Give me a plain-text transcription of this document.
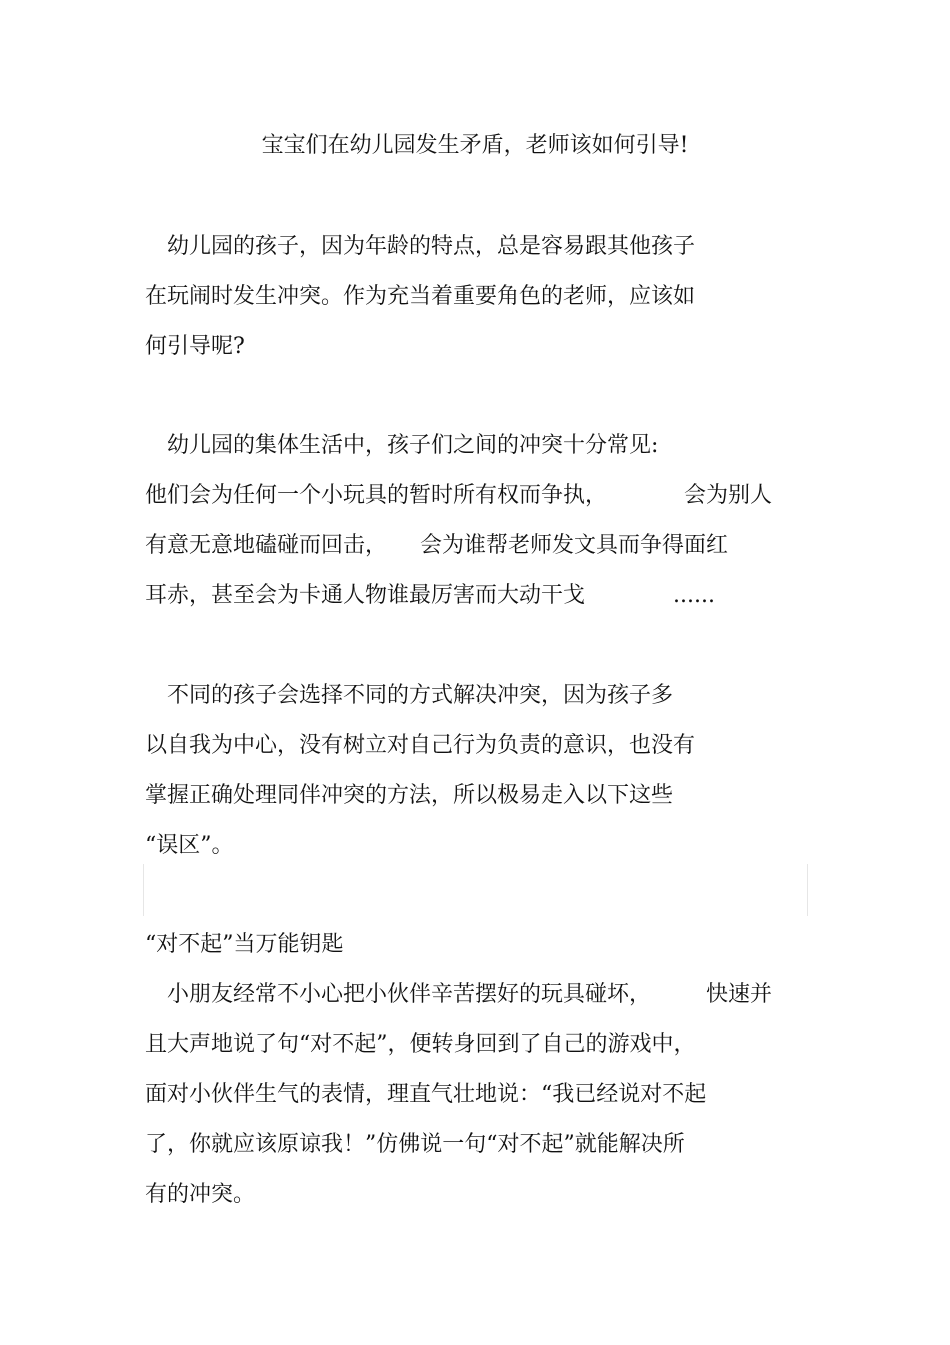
宝宝们在幼儿园发生矛盾，老师该如何引导!

　幼儿园的孩子，因为年龄的特点，总是容易跟其他孩子

在玩闹时发生冲突。作为充当着重要角色的老师，应该如

何引导呢?

　幼儿园的集体生活中，孩子们之间的冲突十分常见:

他们会为任何一个小玩具的暂时所有权而争执，　　　　会为别人

有意无意地磕碰而回击，　　会为谁帮老师发文具而争得面红

耳赤，甚至会为卡通人物谁最厉害而大动干戈　　　　......

　不同的孩子会选择不同的方式解决冲突，因为孩子多

以自我为中心，没有树立对自己行为负责的意识，也没有

掌握正确处理同伴冲突的方法，所以极易走入以下这些

“误区”。

“对不起”当万能钥匙

　小朋友经常不小心把小伙伴辛苦摆好的玩具碰坏，　　　快速并

且大声地说了句“对不起”，便转身回到了自己的游戏中，

面对小伙伴生气的表情，理直气壮地说：“我已经说对不起

了，你就应该原谅我！”仿佛说一句“对不起”就能解决所

有的冲突。
